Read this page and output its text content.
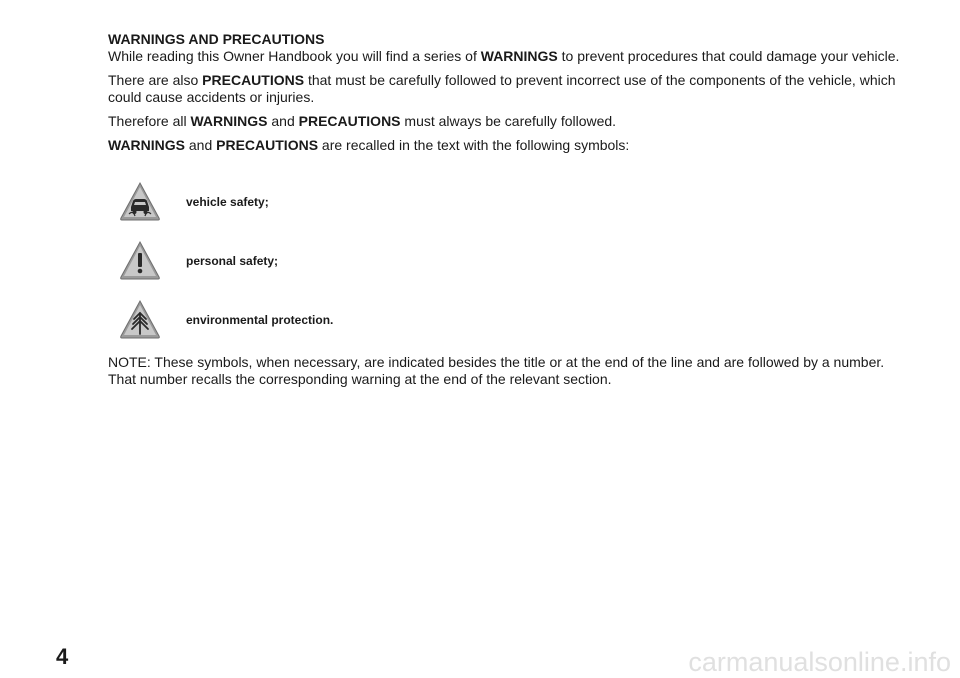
WARNINGS AND PRECAUTIONS

While reading this Owner Handbook you will find a series of WARNINGS to prevent procedures that could damage your vehicle.

There are also PRECAUTIONS that must be carefully followed to prevent incorrect use of the components of the vehicle, which could cause accidents or injuries.

Therefore all WARNINGS and PRECAUTIONS must always be carefully followed.

WARNINGS and PRECAUTIONS are recalled in the text with the following symbols:

vehicle safety;
personal safety;
environmental protection.

NOTE: These symbols, when necessary, are indicated besides the title or at the end of the line and are followed by a number. That number recalls the corresponding warning at the end of the relevant section.

4	carmanualsonline.info
